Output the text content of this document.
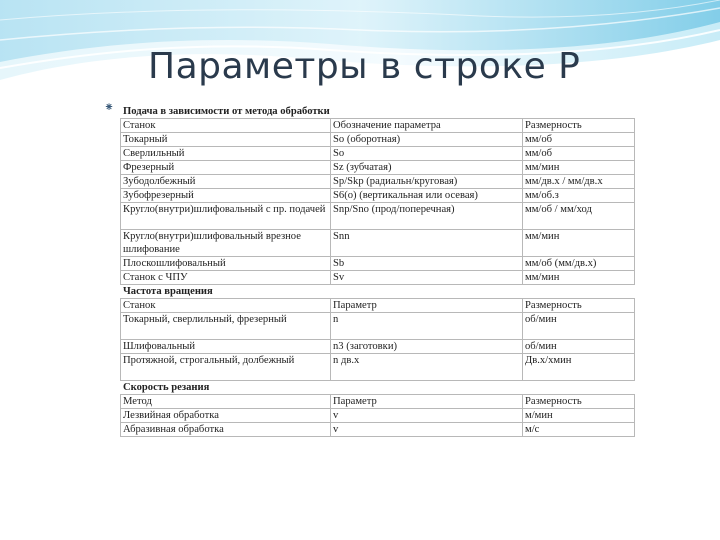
Параметры в строке Р
⁕ Подача в зависимости от метода обработки		
Станок	Обозначение параметра	Размерность
Токарный	So (оборотная)	мм/об
Сверлильный	So	мм/об
Фрезерный	Sz (зубчатая)	мм/мин
Зубодолбежный	Sp/Skp (радиальн/круговая)	мм/дв.х / мм/дв.х
Зубофрезерный	S6(o) (вертикальная или осевая)	мм/об.з
Кругло(внутри)шлифовальный с пр. подачей	Snp/Sno (прод/поперечная)	мм/об / мм/ход
Кругло(внутри)шлифовальный врезное шлифование	Snn	мм/мин
Плоскошлифовальный	Sb	мм/об (мм/дв.х)
Станок с ЧПУ	Sv	мм/мин
Частота вращения		
Станок	Параметр	Размерность
Токарный, сверлильный, фрезерный	n	об/мин
Шлифовальный	n3 (заготовки)	об/мин
Протяжной, строгальный, долбежный	n дв.х	Дв.х/хмин
Скорость резания		
Метод	Параметр	Размерность
Лезвийная обработка	v	м/мин
Абразивная обработка	v	м/с
